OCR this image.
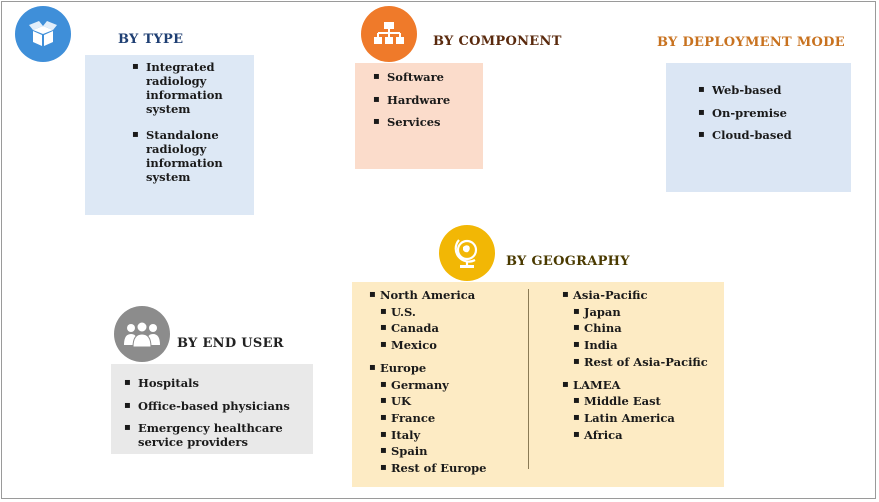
BY TYPE
▪ Integrated
radiology
information
system
▪ Standalone
radiology
information
system
BY COMPONENT
▪ Software
▪ Hardware
▪ Services
BY DEPLOYMENT MODE
▪ Web-based
▪ On-premise
▪ Cloud-based
BY GEOGRAPHY
▪ North America
▪ U.S.
▪ Canada
▪ Mexico
▪ Europe
▪ Germany
▪ UK
▪ France
▪ Italy
▪ Spain
▪ Rest of Europe
▪ Asia-Pacific
▪ Japan
▪ China
▪ India
▪ Rest of Asia-Pacific
▪ LAMEA
▪ Middle East
▪ Latin America
▪ Africa
BY END USER
▪ Hospitals
▪ Office-based physicians
▪ Emergency healthcare
service providers
